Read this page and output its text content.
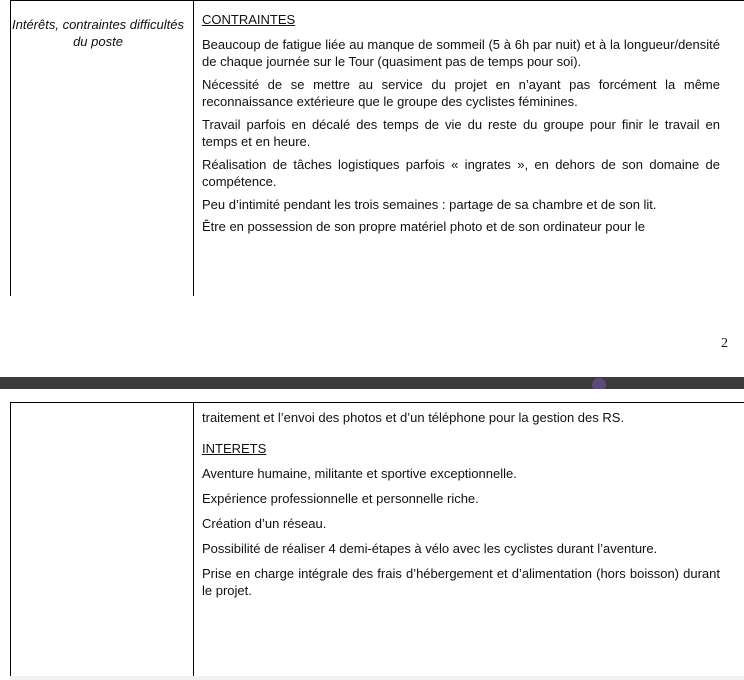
Intérêts, contraintes difficultés du poste

CONTRAINTES

Beaucoup de fatigue liée au manque de sommeil (5 à 6h par nuit) et à la longueur/densité de chaque journée sur le Tour (quasiment pas de temps pour soi).

Nécessité de se mettre au service du projet en n’ayant pas forcément la même reconnaissance extérieure que le groupe des cyclistes féminines.

Travail parfois en décalé des temps de vie du reste du groupe pour finir le travail en temps et en heure.

Réalisation de tâches logistiques parfois « ingrates », en dehors de son domaine de compétence.

Peu d’intimité pendant les trois semaines : partage de sa chambre et de son lit.

Être en possession de son propre matériel photo et de son ordinateur pour le

2

traitement et l’envoi des photos et d’un téléphone pour la gestion des RS.

INTERETS

Aventure humaine, militante et sportive exceptionnelle.

Expérience professionnelle et personnelle riche.

Création d’un réseau.

Possibilité de réaliser 4 demi-étapes à vélo avec les cyclistes durant l’aventure.

Prise en charge intégrale des frais d’hébergement et d’alimentation (hors boisson) durant le projet.
